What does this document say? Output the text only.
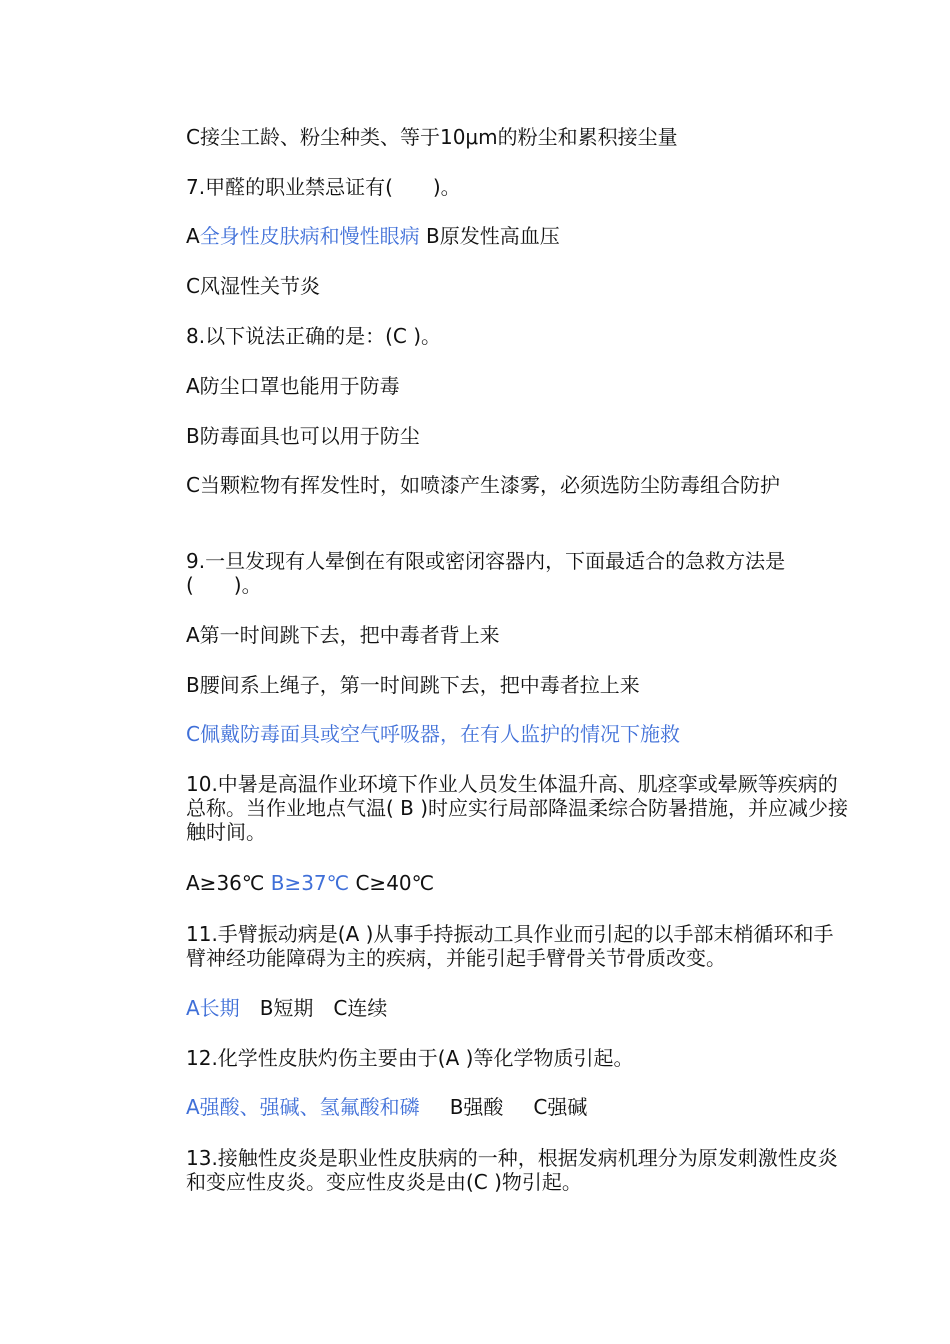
C接尘工龄、粉尘种类、等于10μm的粉尘和累积接尘量
7.甲醛的职业禁忌证有(　　)。
A全身性皮肤病和慢性眼病 B原发性高血压
C风湿性关节炎
8.以下说法正确的是：(C )。
A防尘口罩也能用于防毒
B防毒面具也可以用于防尘
C当颗粒物有挥发性时，如喷漆产生漆雾，必须选防尘防毒组合防护
9.一旦发现有人晕倒在有限或密闭容器内，下面最适合的急救方法是(　　)。
A第一时间跳下去，把中毒者背上来
B腰间系上绳子，第一时间跳下去，把中毒者拉上来
C佩戴防毒面具或空气呼吸器，在有人监护的情况下施救
10.中暑是高温作业环境下作业人员发生体温升高、肌痉挛或晕厥等疾病的总称。当作业地点气温( B )时应实行局部降温柔综合防暑措施，并应减少接触时间。
A≥36℃ B≥37℃ C≥40℃
11.手臂振动病是(A )从事手持振动工具作业而引起的以手部末梢循环和手臂神经功能障碍为主的疾病，并能引起手臂骨关节骨质改变。
A长期 B短期 C连续
12.化学性皮肤灼伤主要由于(A )等化学物质引起。
A强酸、强碱、氢氟酸和磷 B强酸 C强碱
13.接触性皮炎是职业性皮肤病的一种，根据发病机理分为原发刺激性皮炎和变应性皮炎。变应性皮炎是由(C )物引起。
